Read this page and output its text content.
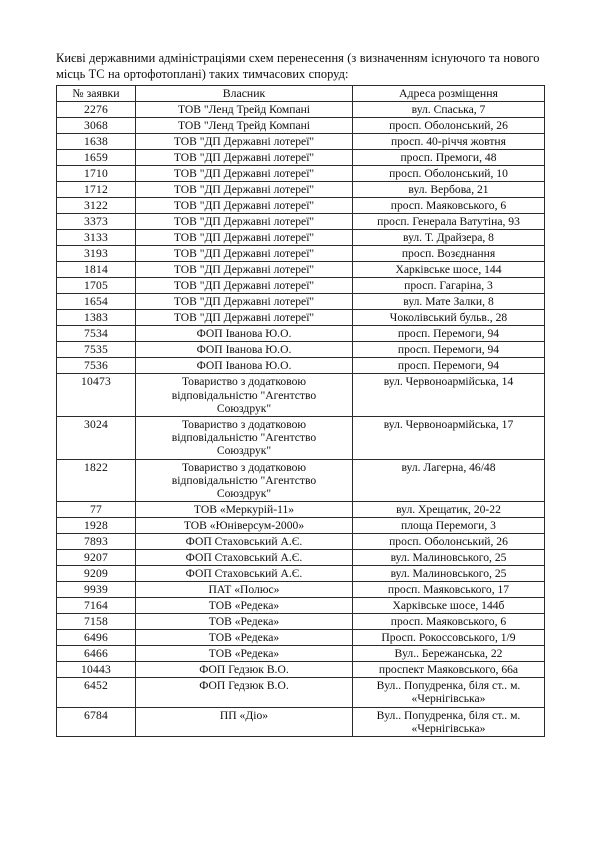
Києві державними адміністраціями схем перенесення (з визначенням існуючого та нового місць ТС на ортофотоплані) таких тимчасових споруд:

№ заявки	Власник	Адреса розміщення
2276	ТОВ "Ленд Трейд Компані	вул. Спаська, 7
3068	ТОВ "Ленд Трейд Компані	просп. Оболонський, 26
1638	ТОВ "ДП Державні лотереї"	просп. 40-річчя жовтня
1659	ТОВ "ДП Державні лотереї"	просп. Премоги, 48
1710	ТОВ "ДП Державні лотереї"	просп. Оболонський, 10
1712	ТОВ "ДП Державні лотереї"	вул. Вербова, 21
3122	ТОВ "ДП Державні лотереї"	просп. Маяковського, 6
3373	ТОВ "ДП Державні лотереї"	просп. Генерала Ватутіна, 93
3133	ТОВ "ДП Державні лотереї"	вул. Т. Драйзера, 8
3193	ТОВ "ДП Державні лотереї"	просп. Возєднання
1814	ТОВ "ДП Державні лотереї"	Харківське шосе, 144
1705	ТОВ "ДП Державні лотереї"	просп. Гагаріна, 3
1654	ТОВ "ДП Державні лотереї"	вул. Мате Залки, 8
1383	ТОВ "ДП Державні лотереї"	Чоколівський бульв., 28
7534	ФОП Іванова Ю.О.	просп. Перемоги, 94
7535	ФОП Іванова Ю.О.	просп. Перемоги, 94
7536	ФОП Іванова Ю.О.	просп. Перемоги, 94
10473	Товариство з додатковою відповідальністю "Агентство Союздрук"	вул. Червоноармійська, 14
3024	Товариство з додатковою відповідальністю "Агентство Союздрук"	вул. Червоноармійська, 17
1822	Товариство з додатковою відповідальністю "Агентство Союздрук"	вул. Лагерна, 46/48
77	ТОВ «Меркурій-11»	вул. Хрещатик, 20-22
1928	ТОВ «Юніверсум-2000»	площа Перемоги, 3
7893	ФОП Стаховський А.Є.	просп. Оболонський, 26
9207	ФОП Стаховський А.Є.	вул. Малиновського, 25
9209	ФОП Стаховський А.Є.	вул. Малиновського, 25
9939	ПАТ «Полюс»	просп. Маяковського, 17
7164	ТОВ «Редека»	Харківське шосе, 144б
7158	ТОВ «Редека»	просп. Маяковського, 6
6496	ТОВ «Редека»	Просп. Рокоссовського, 1/9
6466	ТОВ «Редека»	Вул.. Бережанська, 22
10443	ФОП Гедзюк В.О.	проспект Маяковського, 66а
6452	ФОП Гедзюк В.О.	Вул.. Попудренка, біля ст.. м. «Чернігівська»
6784	ПП «Діо»	Вул.. Попудренка, біля ст.. м. «Чернігівська»
